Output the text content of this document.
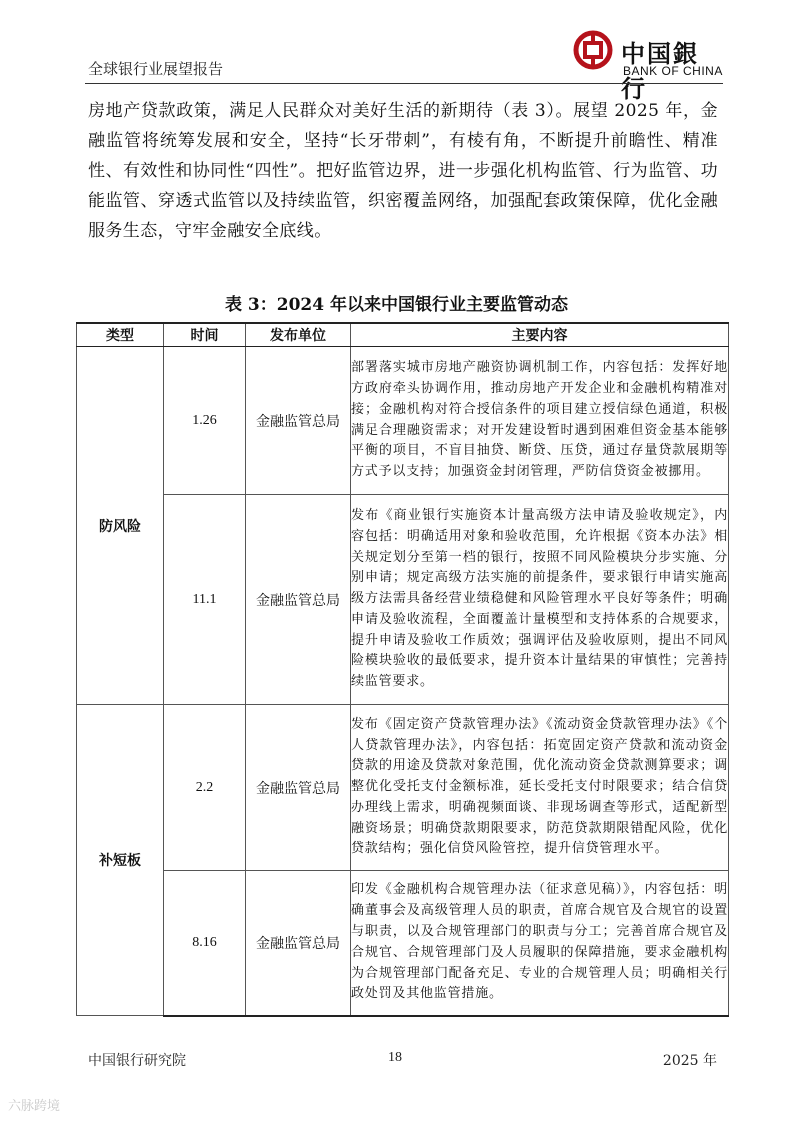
全球银行业展望报告
中国銀行
BANK OF CHINA

房地产贷款政策，满足人民群众对美好生活的新期待（表 3）。展望 2025 年，金融监管将统筹发展和安全，坚持“长牙带刺”，有棱有角，不断提升前瞻性、精准性、有效性和协同性“四性”。把好监管边界，进一步强化机构监管、行为监管、功能监管、穿透式监管以及持续监管，织密覆盖网络，加强配套政策保障，优化金融服务生态，守牢金融安全底线。

表 3：2024 年以来中国银行业主要监管动态
类型	时间	发布单位	主要内容
防风险	1.26	金融监管总局	部署落实城市房地产融资协调机制工作，内容包括：发挥好地方政府牵头协调作用，推动房地产开发企业和金融机构精准对接；金融机构对符合授信条件的项目建立授信绿色通道，积极满足合理融资需求；对开发建设暂时遇到困难但资金基本能够平衡的项目，不盲目抽贷、断贷、压贷，通过存量贷款展期等方式予以支持；加强资金封闭管理，严防信贷资金被挪用。
	11.1	金融监管总局	发布《商业银行实施资本计量高级方法申请及验收规定》，内容包括：明确适用对象和验收范围，允许根据《资本办法》相关规定划分至第一档的银行，按照不同风险模块分步实施、分别申请；规定高级方法实施的前提条件，要求银行申请实施高级方法需具备经营业绩稳健和风险管理水平良好等条件；明确申请及验收流程，全面覆盖计量模型和支持体系的合规要求，提升申请及验收工作质效；强调评估及验收原则，提出不同风险模块验收的最低要求，提升资本计量结果的审慎性；完善持续监管要求。
补短板	2.2	金融监管总局	发布《固定资产贷款管理办法》《流动资金贷款管理办法》《个人贷款管理办法》，内容包括：拓宽固定资产贷款和流动资金贷款的用途及贷款对象范围，优化流动资金贷款测算要求；调整优化受托支付金额标准，延长受托支付时限要求；结合信贷办理线上需求，明确视频面谈、非现场调查等形式，适配新型融资场景；明确贷款期限要求，防范贷款期限错配风险，优化贷款结构；强化信贷风险管控，提升信贷管理水平。
	8.16	金融监管总局	印发《金融机构合规管理办法（征求意见稿）》，内容包括：明确董事会及高级管理人员的职责，首席合规官及合规官的设置与职责，以及合规管理部门的职责与分工；完善首席合规官及合规官、合规管理部门及人员履职的保障措施，要求金融机构为合规管理部门配备充足、专业的合规管理人员；明确相关行政处罚及其他监管措施。
中国银行研究院	18	2025 年
六脉跨境
